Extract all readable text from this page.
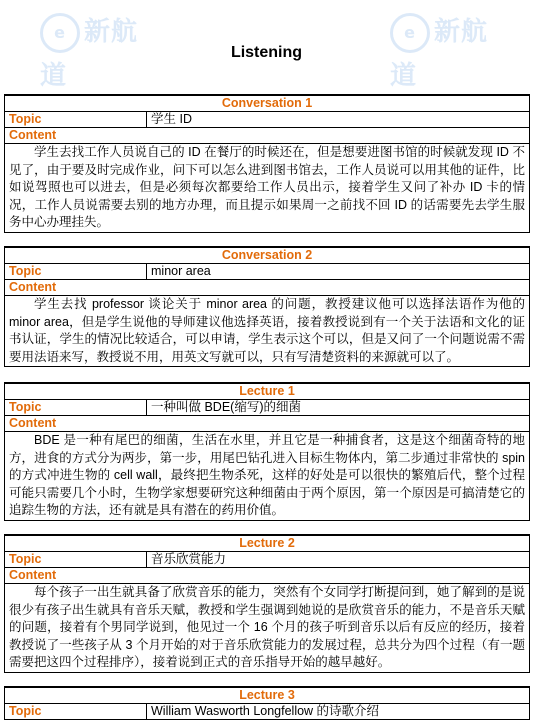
e 新航道
e 新航道
Listening
Conversation 1
Topic	学生 ID
Content
学生去找工作人员说自己的 ID 在餐厅的时候还在，但是想要进图书馆的时候就发现 ID 不见了，由于要及时完成作业，问下可以怎么进到图书馆去，工作人员说可以用其他的证件，比如说驾照也可以进去，但是必须每次都要给工作人员出示，接着学生又问了补办 ID 卡的情况，工作人员说需要去别的地方办理，而且提示如果周一之前找不回 ID 的话需要先去学生服务中心办理挂失。
Conversation 2
Topic	minor area
Content
学生去找 professor 谈论关于 minor area 的问题，教授建议他可以选择法语作为他的 minor area，但是学生说他的导师建议他选择英语，接着教授说到有一个关于法语和文化的证书认证，学生的情况比较适合，可以申请，学生表示这个可以，但是又问了一个问题说需不需要用法语来写，教授说不用，用英文写就可以，只有写清楚资料的来源就可以了。
Lecture 1
Topic	一种叫做 BDE(缩写)的细菌
Content
BDE 是一种有尾巴的细菌，生活在水里，并且它是一种捕食者，这是这个细菌奇特的地方，进食的方式分为两步，第一步，用尾巴钻孔进入目标生物体内，第二步通过非常快的 spin 的方式冲进生物的 cell wall，最终把生物杀死，这样的好处是可以很快的繁殖后代，整个过程可能只需要几个小时，生物学家想要研究这种细菌由于两个原因，第一个原因是可搞清楚它的追踪生物的方法，还有就是具有潜在的药用价值。
Lecture 2
Topic	音乐欣赏能力
Content
每个孩子一出生就具备了欣赏音乐的能力，突然有个女同学打断提问到，她了解到的是说很少有孩子出生就具有音乐天赋，教授和学生强调到她说的是欣赏音乐的能力，不是音乐天赋的问题，接着有个男同学说到，他见过一个 16 个月的孩子听到音乐以后有反应的经历，接着教授说了一些孩子从 3 个月开始的对于音乐欣赏能力的发展过程，总共分为四个过程（有一题需要把这四个过程排序），接着说到正式的音乐指导开始的越早越好。
Lecture 3
Topic	William Wasworth Longfellow 的诗歌介绍
